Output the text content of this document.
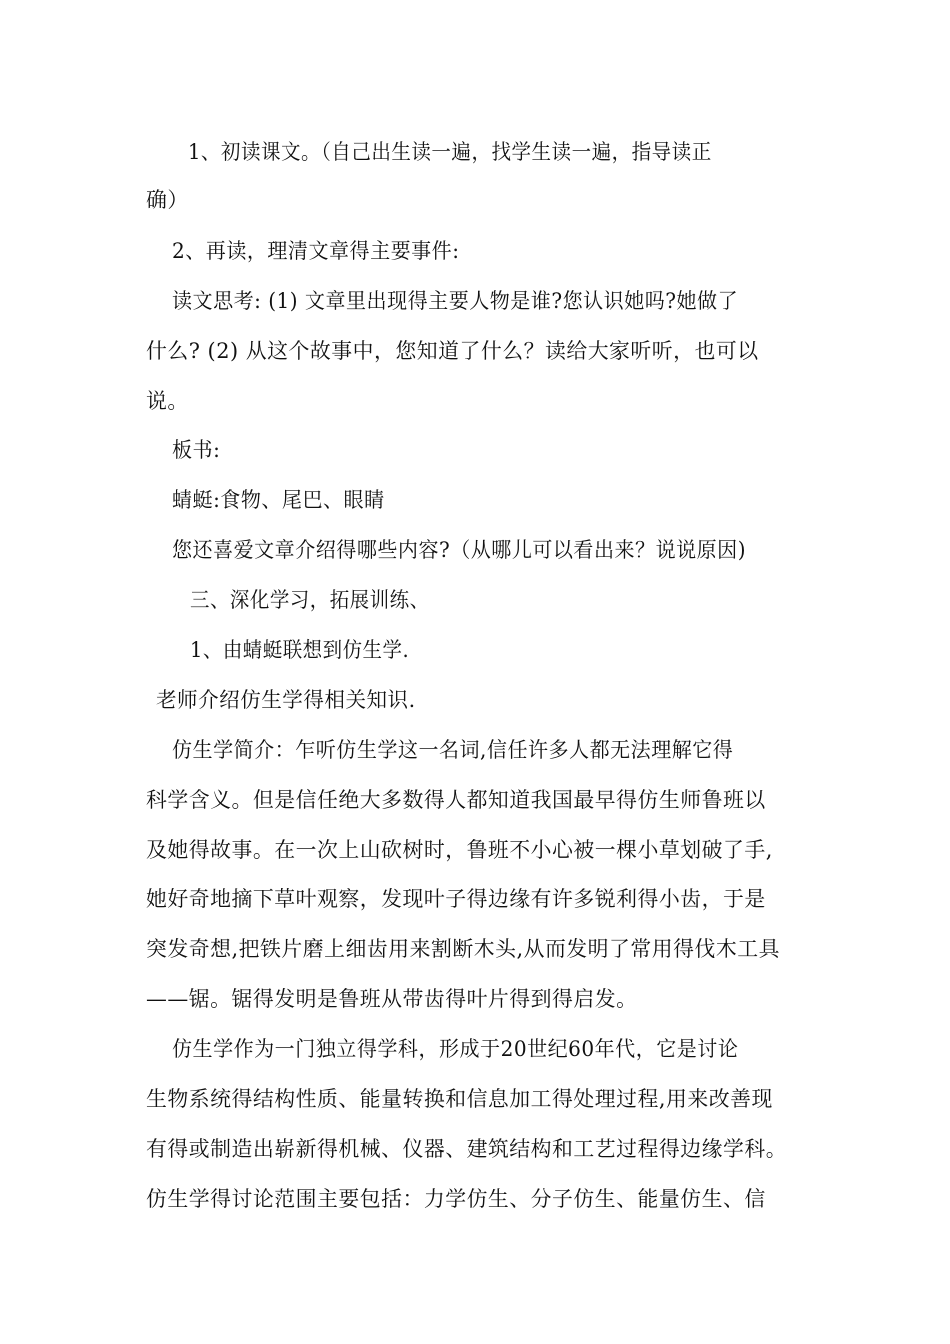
1、初读课文。（自己出生读一遍，找学生读一遍，指导读正
确）
2、再读，理清文章得主要事件:
读文思考: (1) 文章里出现得主要人物是谁?您认识她吗?她做了
什么? (2) 从这个故事中，您知道了什么？读给大家听听，也可以
说。
板书:
蜻蜓:食物、尾巴、眼睛
您还喜爱文章介绍得哪些内容?（从哪儿可以看出来？说说原因)
三、深化学习，拓展训练、
1、由蜻蜓联想到仿生学.
老师介绍仿生学得相关知识.
仿生学简介：乍听仿生学这一名词,信任许多人都无法理解它得
科学含义。但是信任绝大多数得人都知道我国最早得仿生师鲁班以
及她得故事。在一次上山砍树时，鲁班不小心被一棵小草划破了手,
她好奇地摘下草叶观察，发现叶子得边缘有许多锐利得小齿，于是
突发奇想,把铁片磨上细齿用来割断木头,从而发明了常用得伐木工具
——锯。锯得发明是鲁班从带齿得叶片得到得启发。
仿生学作为一门独立得学科，形成于20世纪60年代，它是讨论
生物系统得结构性质、能量转换和信息加工得处理过程,用来改善现
有得或制造出崭新得机械、仪器、建筑结构和工艺过程得边缘学科。
仿生学得讨论范围主要包括：力学仿生、分子仿生、能量仿生、信
